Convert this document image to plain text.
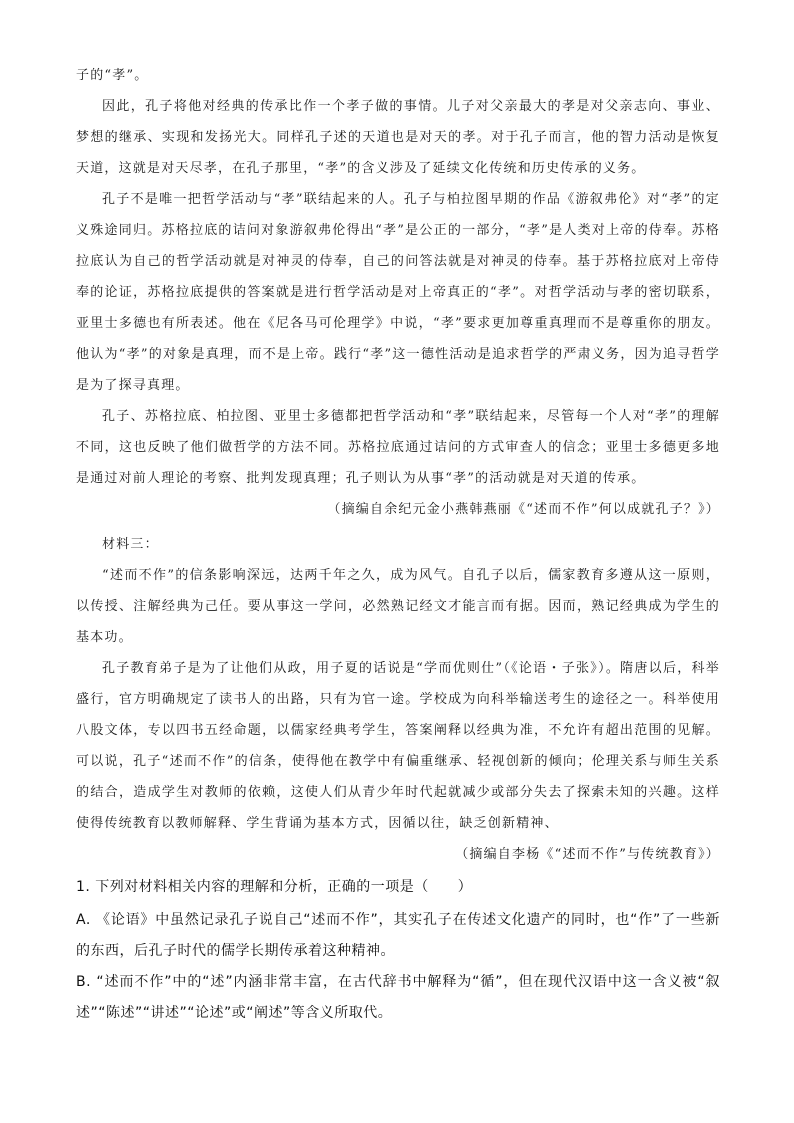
子的“孝”。

因此，孔子将他对经典的传承比作一个孝子做的事情。儿子对父亲最大的孝是对父亲志向、事业、梦想的继承、实现和发扬光大。同样孔子述的天道也是对天的孝。对于孔子而言，他的智力活动是恢复天道，这就是对天尽孝，在孔子那里，“孝”的含义涉及了延续文化传统和历史传承的义务。

孔子不是唯一把哲学活动与“孝”联结起来的人。孔子与柏拉图早期的作品《游叙弗伦》对“孝”的定义殊途同归。苏格拉底的诘问对象游叙弗伦得出“孝”是公正的一部分，“孝”是人类对上帝的侍奉。苏格拉底认为自己的哲学活动就是对神灵的侍奉，自己的问答法就是对神灵的侍奉。基于苏格拉底对上帝侍奉的论证，苏格拉底提供的答案就是进行哲学活动是对上帝真正的“孝”。对哲学活动与孝的密切联系，亚里士多德也有所表述。他在《尼各马可伦理学》中说，“孝”要求更加尊重真理而不是尊重你的朋友。他认为“孝”的对象是真理，而不是上帝。践行“孝”这一德性活动是追求哲学的严肃义务，因为追寻哲学是为了探寻真理。

孔子、苏格拉底、柏拉图、亚里士多德都把哲学活动和“孝”联结起来，尽管每一个人对“孝”的理解不同，这也反映了他们做哲学的方法不同。苏格拉底通过诘问的方式审查人的信念；亚里士多德更多地是通过对前人理论的考察、批判发现真理；孔子则认为从事“孝”的活动就是对天道的传承。

（摘编自余纪元金小燕韩燕丽《“述而不作”何以成就孔子？》）

材料三：

“述而不作”的信条影响深远，达两千年之久，成为风气。自孔子以后，儒家教育多遵从这一原则，以传授、注解经典为己任。要从事这一学问，必然熟记经文才能言而有据。因而，熟记经典成为学生的基本功。

孔子教育弟子是为了让他们从政，用子夏的话说是“学而优则仕”（《论语・子张》）。隋唐以后，科举盛行，官方明确规定了读书人的出路，只有为官一途。学校成为向科举输送考生的途径之一。科举使用八股文体，专以四书五经命题，以儒家经典考学生，答案阐释以经典为准，不允许有超出范围的见解。可以说，孔子“述而不作”的信条，使得他在教学中有偏重继承、轻视创新的倾向；伦理关系与师生关系的结合，造成学生对教师的依赖，这使人们从青少年时代起就减少或部分失去了探索未知的兴趣。这样使得传统教育以教师解释、学生背诵为基本方式，因循以往，缺乏创新精神、

（摘编自李杨《“述而不作”与传统教育》）

1. 下列对材料相关内容的理解和分析，正确的一项是（　　）

A. 《论语》中虽然记录孔子说自己“述而不作”，其实孔子在传述文化遗产的同时，也“作”了一些新的东西，后孔子时代的儒学长期传承着这种精神。

B. “述而不作”中的“述”内涵非常丰富，在古代辞书中解释为“循”，但在现代汉语中这一含义被“叙述”“陈述”“讲述”“论述”或“阐述”等含义所取代。
